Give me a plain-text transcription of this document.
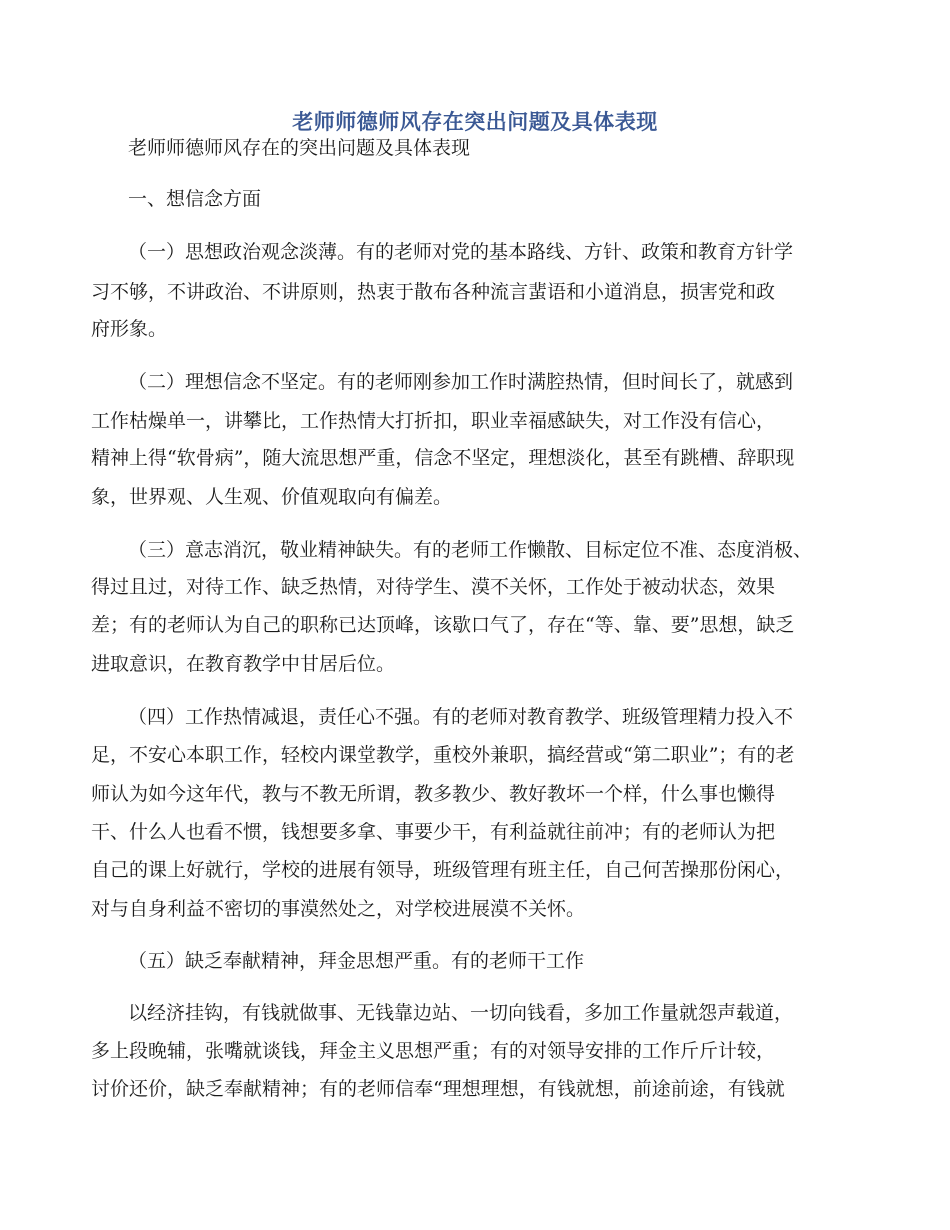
老师师德师风存在突出问题及具体表现
老师师德师风存在的突出问题及具体表现
一、想信念方面
（一）思想政治观念淡薄。有的老师对党的基本路线、方针、政策和教育方针学
习不够，不讲政治、不讲原则，热衷于散布各种流言蜚语和小道消息，损害党和政
府形象。
（二）理想信念不坚定。有的老师刚参加工作时满腔热情，但时间长了，就感到
工作枯燥单一，讲攀比，工作热情大打折扣，职业幸福感缺失，对工作没有信心，
精神上得“软骨病”，随大流思想严重，信念不坚定，理想淡化，甚至有跳槽、辞职现
象，世界观、人生观、价值观取向有偏差。
（三）意志消沉，敬业精神缺失。有的老师工作懒散、目标定位不准、态度消极、
得过且过，对待工作、缺乏热情，对待学生、漠不关怀，工作处于被动状态，效果
差；有的老师认为自己的职称已达顶峰，该歇口气了，存在“等、靠、要”思想，缺乏
进取意识，在教育教学中甘居后位。
（四）工作热情减退，责任心不强。有的老师对教育教学、班级管理精力投入不
足，不安心本职工作，轻校内课堂教学，重校外兼职，搞经营或“第二职业”；有的老
师认为如今这年代，教与不教无所谓，教多教少、教好教坏一个样，什么事也懒得
干、什么人也看不惯，钱想要多拿、事要少干，有利益就往前冲；有的老师认为把
自己的课上好就行，学校的进展有领导，班级管理有班主任，自己何苦操那份闲心，
对与自身利益不密切的事漠然处之，对学校进展漠不关怀。
（五）缺乏奉献精神，拜金思想严重。有的老师干工作
以经济挂钩，有钱就做事、无钱靠边站、一切向钱看，多加工作量就怨声载道，
多上段晚辅，张嘴就谈钱，拜金主义思想严重；有的对领导安排的工作斤斤计较，
讨价还价，缺乏奉献精神；有的老师信奉“理想理想，有钱就想，前途前途，有钱就
